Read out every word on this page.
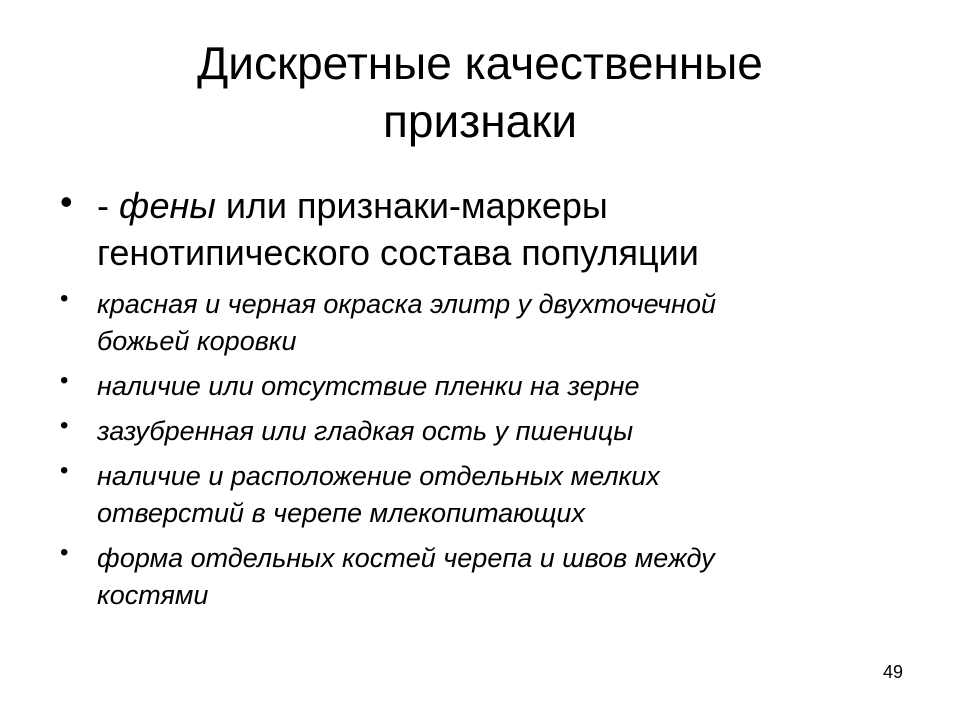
Дискретные качественные
признаки
• - фены или признаки-маркеры
генотипического состава популяции
• красная и черная окраска элитр у двухточечной
божьей коровки
• наличие или отсутствие пленки на зерне
• зазубренная или гладкая ость у пшеницы
• наличие и расположение отдельных мелких
отверстий в черепе млекопитающих
• форма отдельных костей черепа и швов между
костями
49
